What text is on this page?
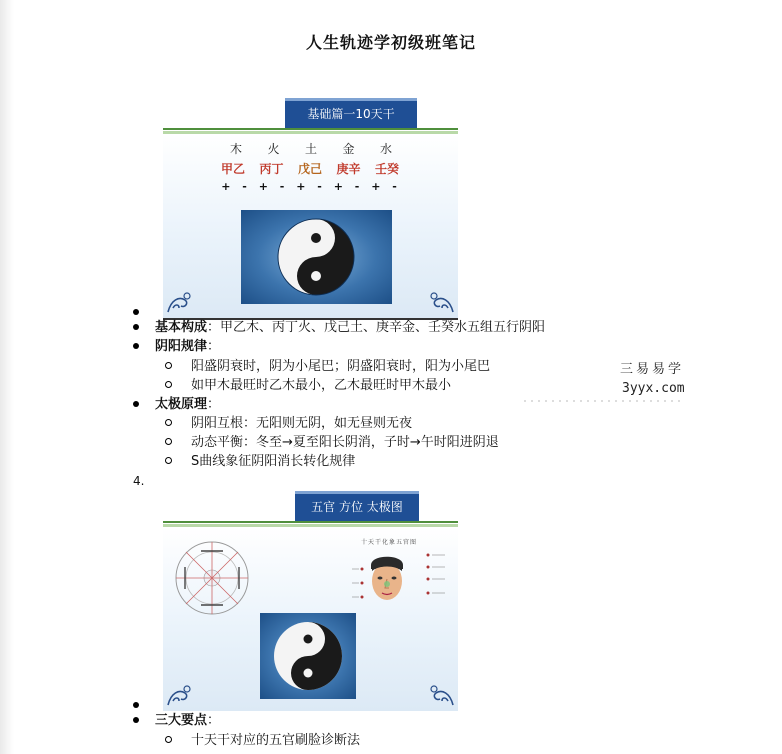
人生轨迹学初级班笔记
基础篇一10天干
木	火	土	金	水
甲乙	丙丁	戊己	庚辛	壬癸
+ - + - + - + - + -
基本构成：甲乙木、丙丁火、戊己土、庚辛金、壬癸水五组五行阴阳
阴阳规律：
阳盛阴衰时，阴为小尾巴；阴盛阳衰时，阳为小尾巴
如甲木最旺时乙木最小，乙木最旺时甲木最小
太极原理：
阴阳互根：无阳则无阴，如无昼则无夜
动态平衡：冬至→夏至阳长阴消，子时→午时阳进阴退
S曲线象征阴阳消长转化规律
4.
三易易学
3yyx.com
五官 方位 太极图
十天干化象五官图
三大要点：
十天干对应的五官刷脸诊断法
